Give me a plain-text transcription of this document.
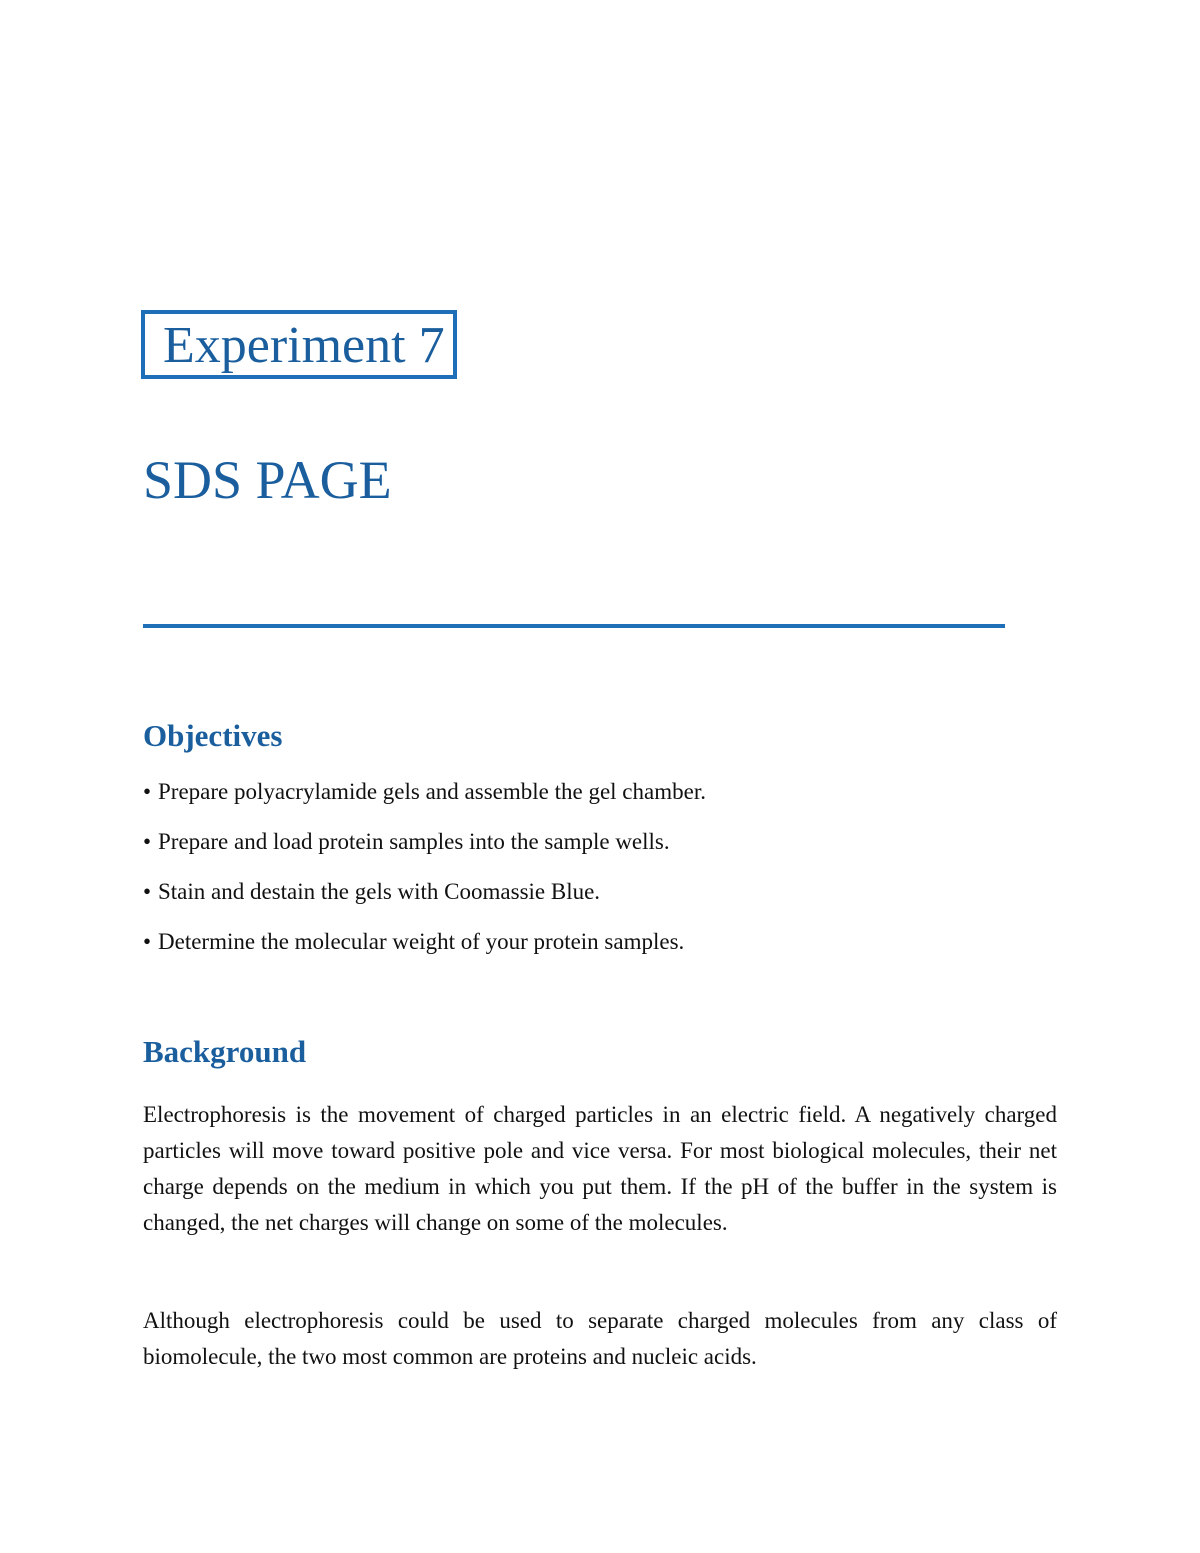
Experiment 7
SDS PAGE
Objectives
• Prepare polyacrylamide gels and assemble the gel chamber.
• Prepare and load protein samples into the sample wells.
• Stain and destain the gels with Coomassie Blue.
• Determine the molecular weight of your protein samples.
Background

Electrophoresis is the movement of charged particles in an electric field. A negatively charged particles will move toward positive pole and vice versa. For most biological molecules, their net charge depends on the medium in which you put them. If the pH of the buffer in the system is changed, the net charges will change on some of the molecules.

Although electrophoresis could be used to separate charged molecules from any class of biomolecule, the two most common are proteins and nucleic acids.
